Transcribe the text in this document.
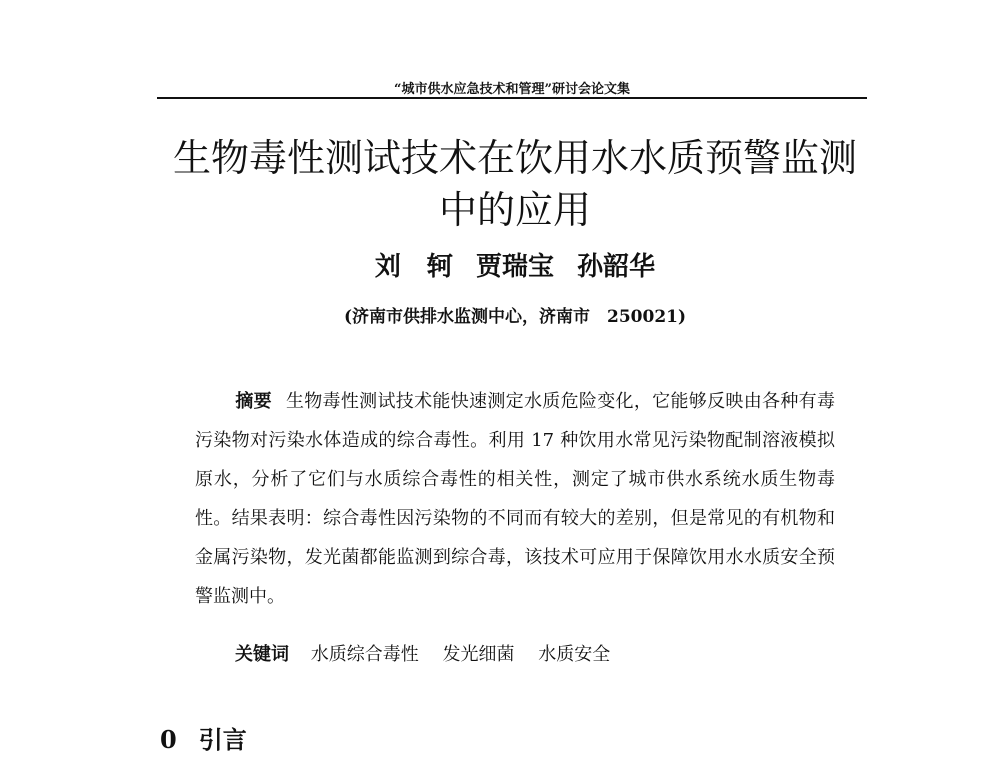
“城市供水应急技术和管理”研讨会论文集
生物毒性测试技术在饮用水水质预警监测
中的应用
刘　轲 贾瑞宝 孙韶华
(济南市供排水监测中心，济南市　250021)
摘要 生物毒性测试技术能快速测定水质危险变化，它能够反映由各种有毒污染物对污染水体造成的综合毒性。利用 17 种饮用水常见污染物配制溶液模拟原水，分析了它们与水质综合毒性的相关性，测定了城市供水系统水质生物毒性。结果表明：综合毒性因污染物的不同而有较大的差别，但是常见的有机物和金属污染物，发光菌都能监测到综合毒，该技术可应用于保障饮用水水质安全预警监测中。
关键词 水质综合毒性 发光细菌 水质安全
0 引言
